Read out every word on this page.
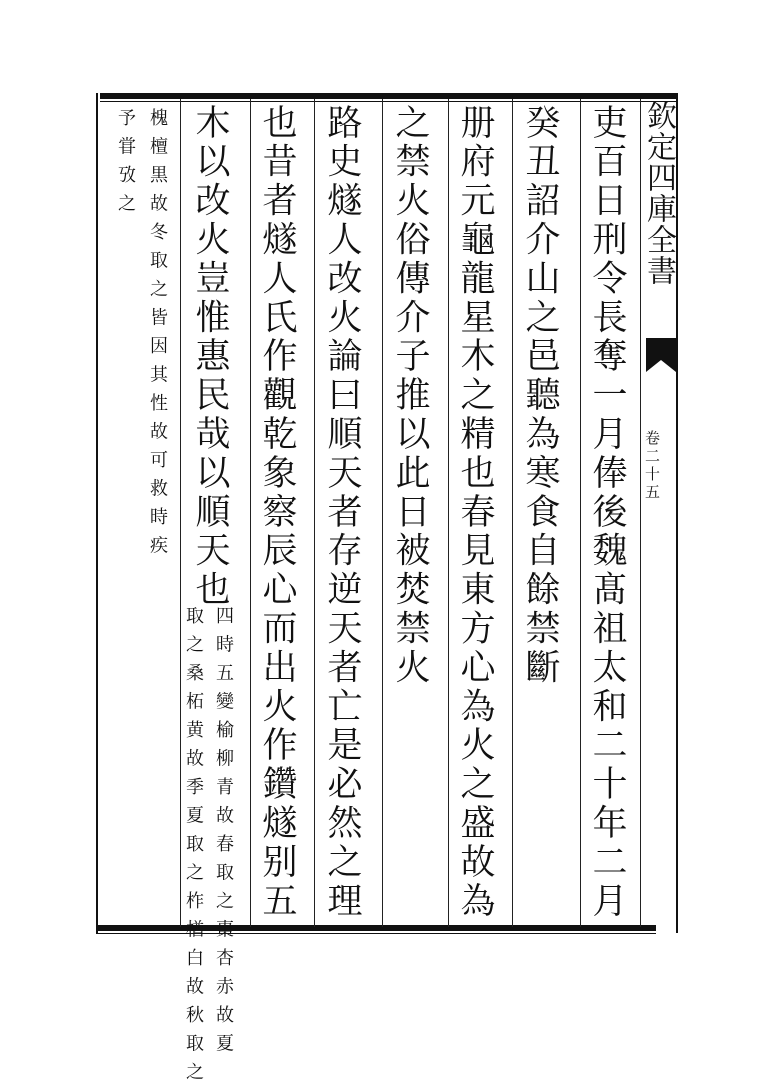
欽定四庫全書
卷二十五
吏百日刑令長奪一月俸後魏髙祖太和二十年二月
癸丑詔介山之邑聽為寒食自餘禁斷
册府元龜龍星木之精也春見東方心為火之盛故為
之禁火俗傳介子推以此日被焚禁火
路史燧人改火論曰順天者存逆天者亡是必然之理
也昔者燧人氏作觀乾象察辰心而出火作鑽燧别五
木以改火豈惟惠民哉以順天也
四時五變榆柳青故春取之棗杏赤故夏
取之桑柘黄故季夏取之柞楢白故秋取之
槐檀黒故冬取之皆因其性故可救時疾
予甞攷之
